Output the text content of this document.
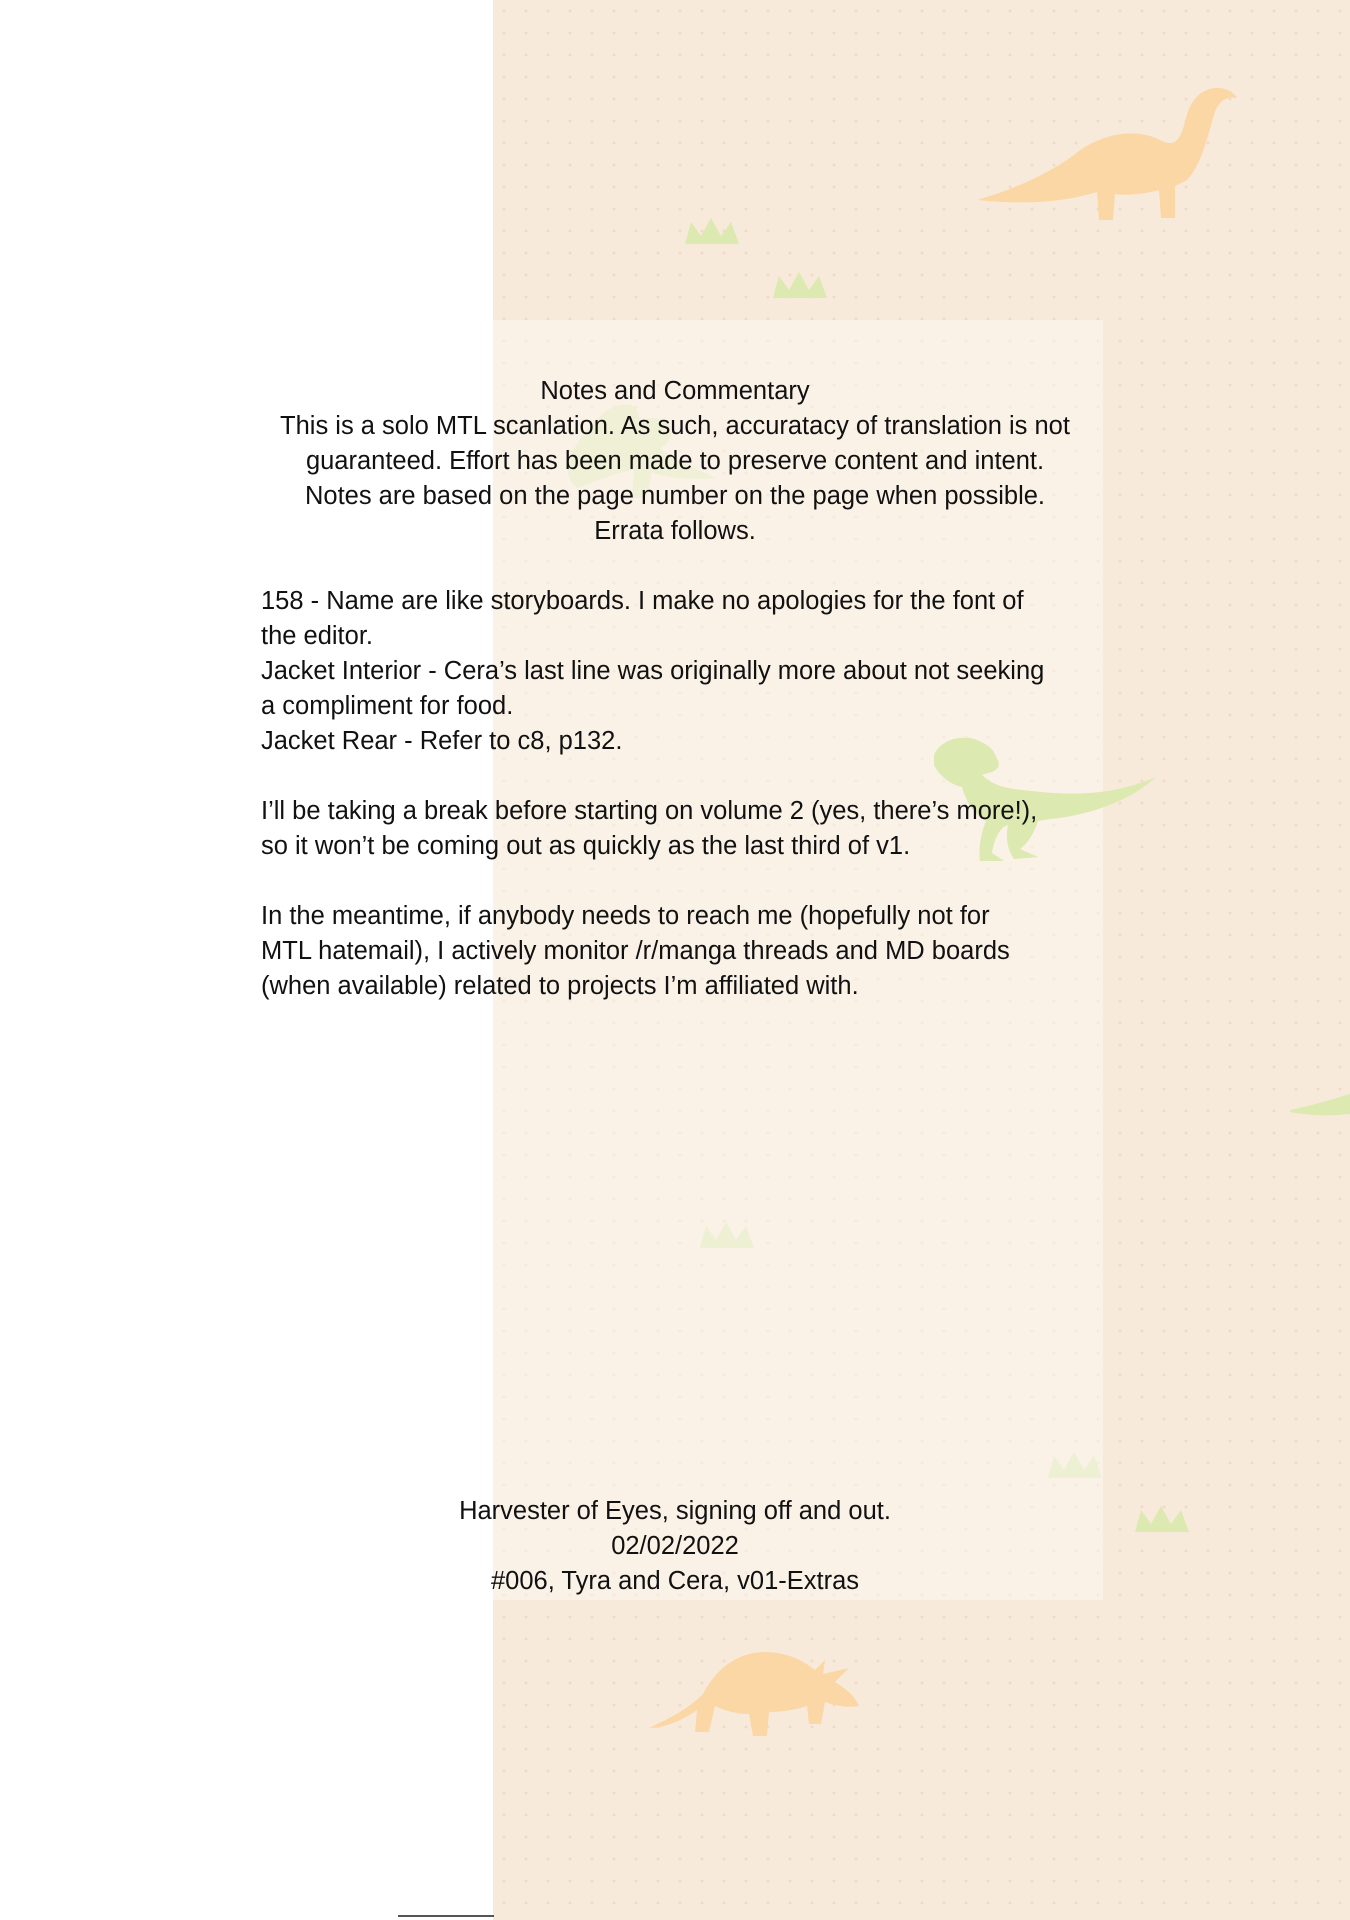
Notes and Commentary
This is a solo MTL scanlation. As such, accuratacy of translation is not
guaranteed. Effort has been made to preserve content and intent.
Notes are based on the page number on the page when possible.
Errata follows.
158 - Name are like storyboards. I make no apologies for the font of
the editor.
Jacket Interior - Cera’s last line was originally more about not seeking
a compliment for food.
Jacket Rear - Refer to c8, p132.
I’ll be taking a break before starting on volume 2 (yes, there’s more!),
so it won’t be coming out as quickly as the last third of v1.
In the meantime, if anybody needs to reach me (hopefully not for
MTL hatemail), I actively monitor /r/manga threads and MD boards
(when available) related to projects I’m affiliated with.
Harvester of Eyes, signing off and out.
02/02/2022
#006, Tyra and Cera, v01-Extras
